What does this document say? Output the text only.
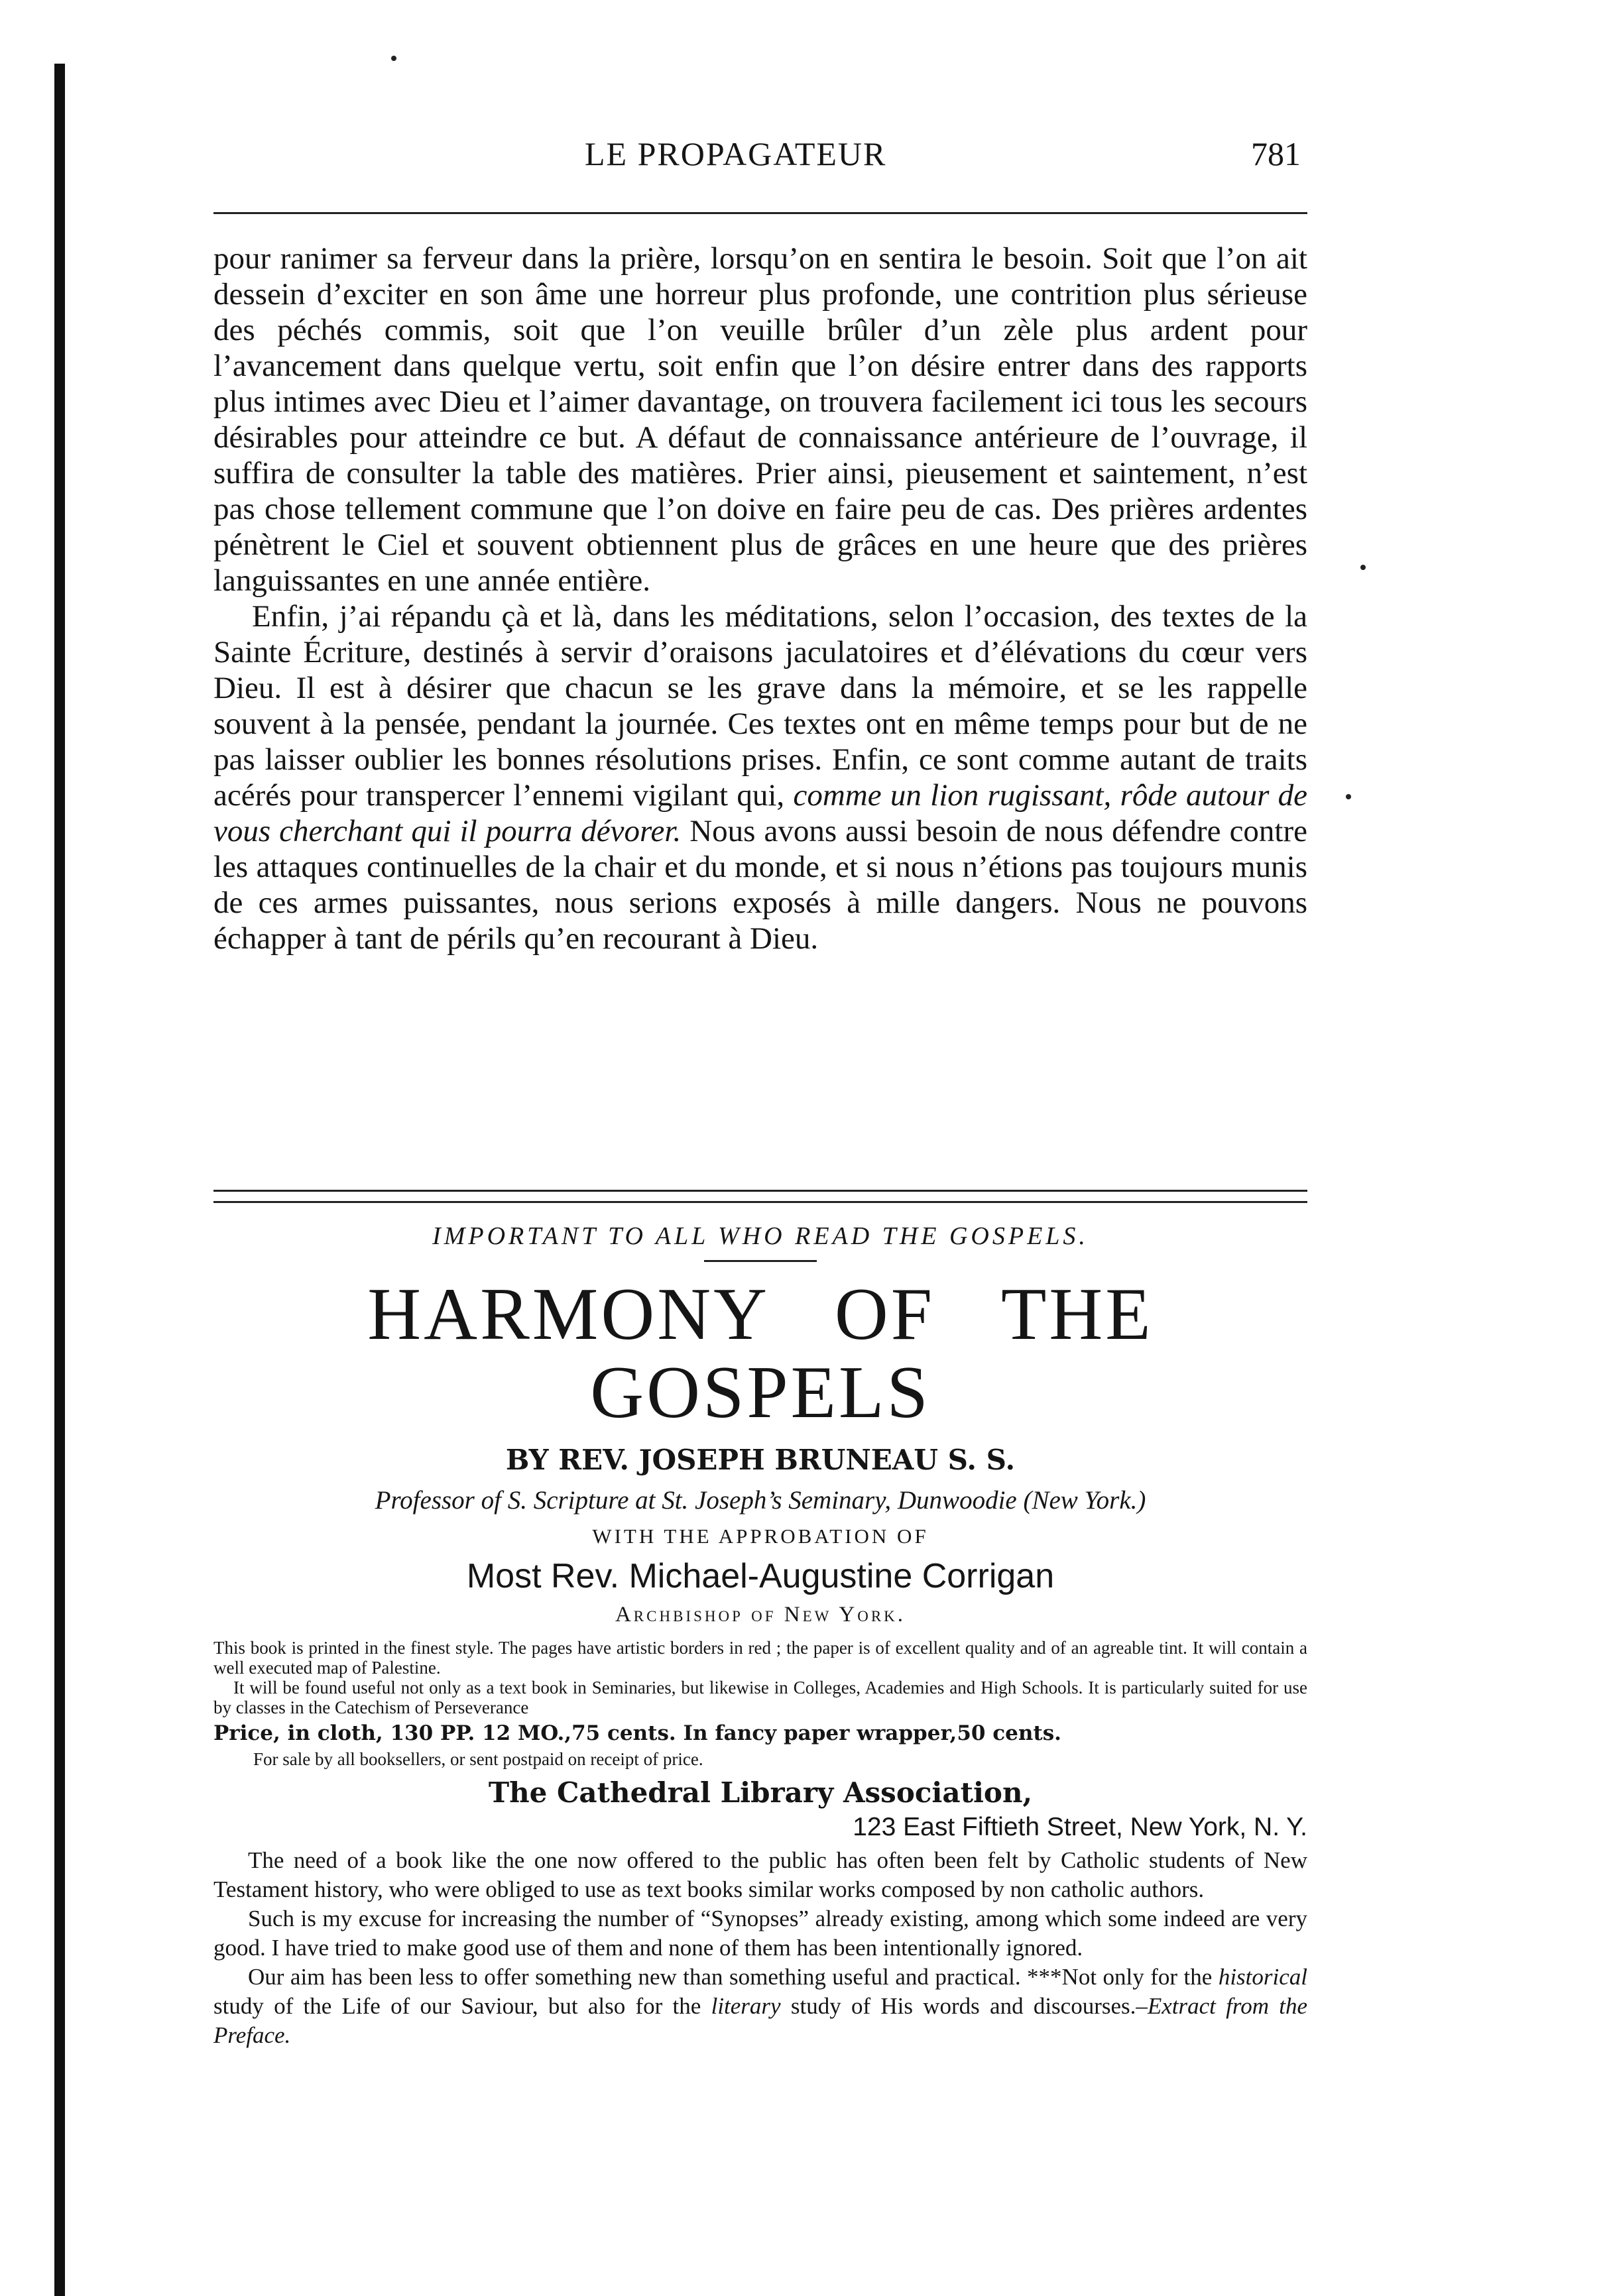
LE PROPAGATEUR	781

pour ranimer sa ferveur dans la prière, lorsqu’on en sentira le besoin. Soit que l’on ait dessein d’exciter en son âme une horreur plus profonde, une contrition plus sérieuse des péchés commis, soit que l’on veuille brûler d’un zèle plus ardent pour l’avancement dans quelque vertu, soit enfin que l’on désire entrer dans des rapports plus intimes avec Dieu et l’aimer davantage, on trouvera facilement ici tous les secours désirables pour atteindre ce but. A défaut de connaissance antérieure de l’ouvrage, il suffira de consulter la table des matières. Prier ainsi, pieusement et saintement, n’est pas chose tellement commune que l’on doive en faire peu de cas. Des prières ardentes pénètrent le Ciel et souvent obtiennent plus de grâces en une heure que des prières languissantes en une année entière.

Enfin, j’ai répandu çà et là, dans les méditations, selon l’occasion, des textes de la Sainte Écriture, destinés à servir d’oraisons jaculatoires et d’élévations du cœur vers Dieu. Il est à désirer que chacun se les grave dans la mémoire, et se les rappelle souvent à la pensée, pendant la journée. Ces textes ont en même temps pour but de ne pas laisser oublier les bonnes résolutions prises. Enfin, ce sont comme autant de traits acérés pour transpercer l’ennemi vigilant qui, comme un lion rugissant, rôde autour de vous cherchant qui il pourra dévorer. Nous avons aussi besoin de nous défendre contre les attaques continuelles de la chair et du monde, et si nous n’étions pas toujours munis de ces armes puissantes, nous serions exposés à mille dangers. Nous ne pouvons échapper à tant de périls qu’en recourant à Dieu.

IMPORTANT TO ALL WHO READ THE GOSPELS.
HARMONY OF THE GOSPELS
BY REV. JOSEPH BRUNEAU S. S.
Professor of S. Scripture at St. Joseph’s Seminary, Dunwoodie (New York.)
WITH THE APPROBATION OF
Most Rev. Michael-Augustine Corrigan
Archbishop of New York.

This book is printed in the finest style. The pages have artistic borders in red ; the paper is of excellent quality and of an agreable tint. It will contain a well executed map of Palestine.

It will be found useful not only as a text book in Seminaries, but likewise in Colleges, Academies and High Schools. It is particularly suited for use by classes in the Catechism of Perseverance

Price, in cloth, 130 PP. 12 MO.,75 cents. In fancy paper wrapper,50 cents.
For sale by all booksellers, or sent postpaid on receipt of price.
The Cathedral Library Association,
123 East Fiftieth Street, New York, N. Y.

The need of a book like the one now offered to the public has often been felt by Catholic students of New Testament history, who were obliged to use as text books similar works composed by non catholic authors.

Such is my excuse for increasing the number of “Synopses” already existing, among which some indeed are very good. I have tried to make good use of them and none of them has been intentionally ignored.

Our aim has been less to offer something new than something useful and practical. ***Not only for the historical study of the Life of our Saviour, but also for the literary study of His words and discourses.–Extract from the Preface.
